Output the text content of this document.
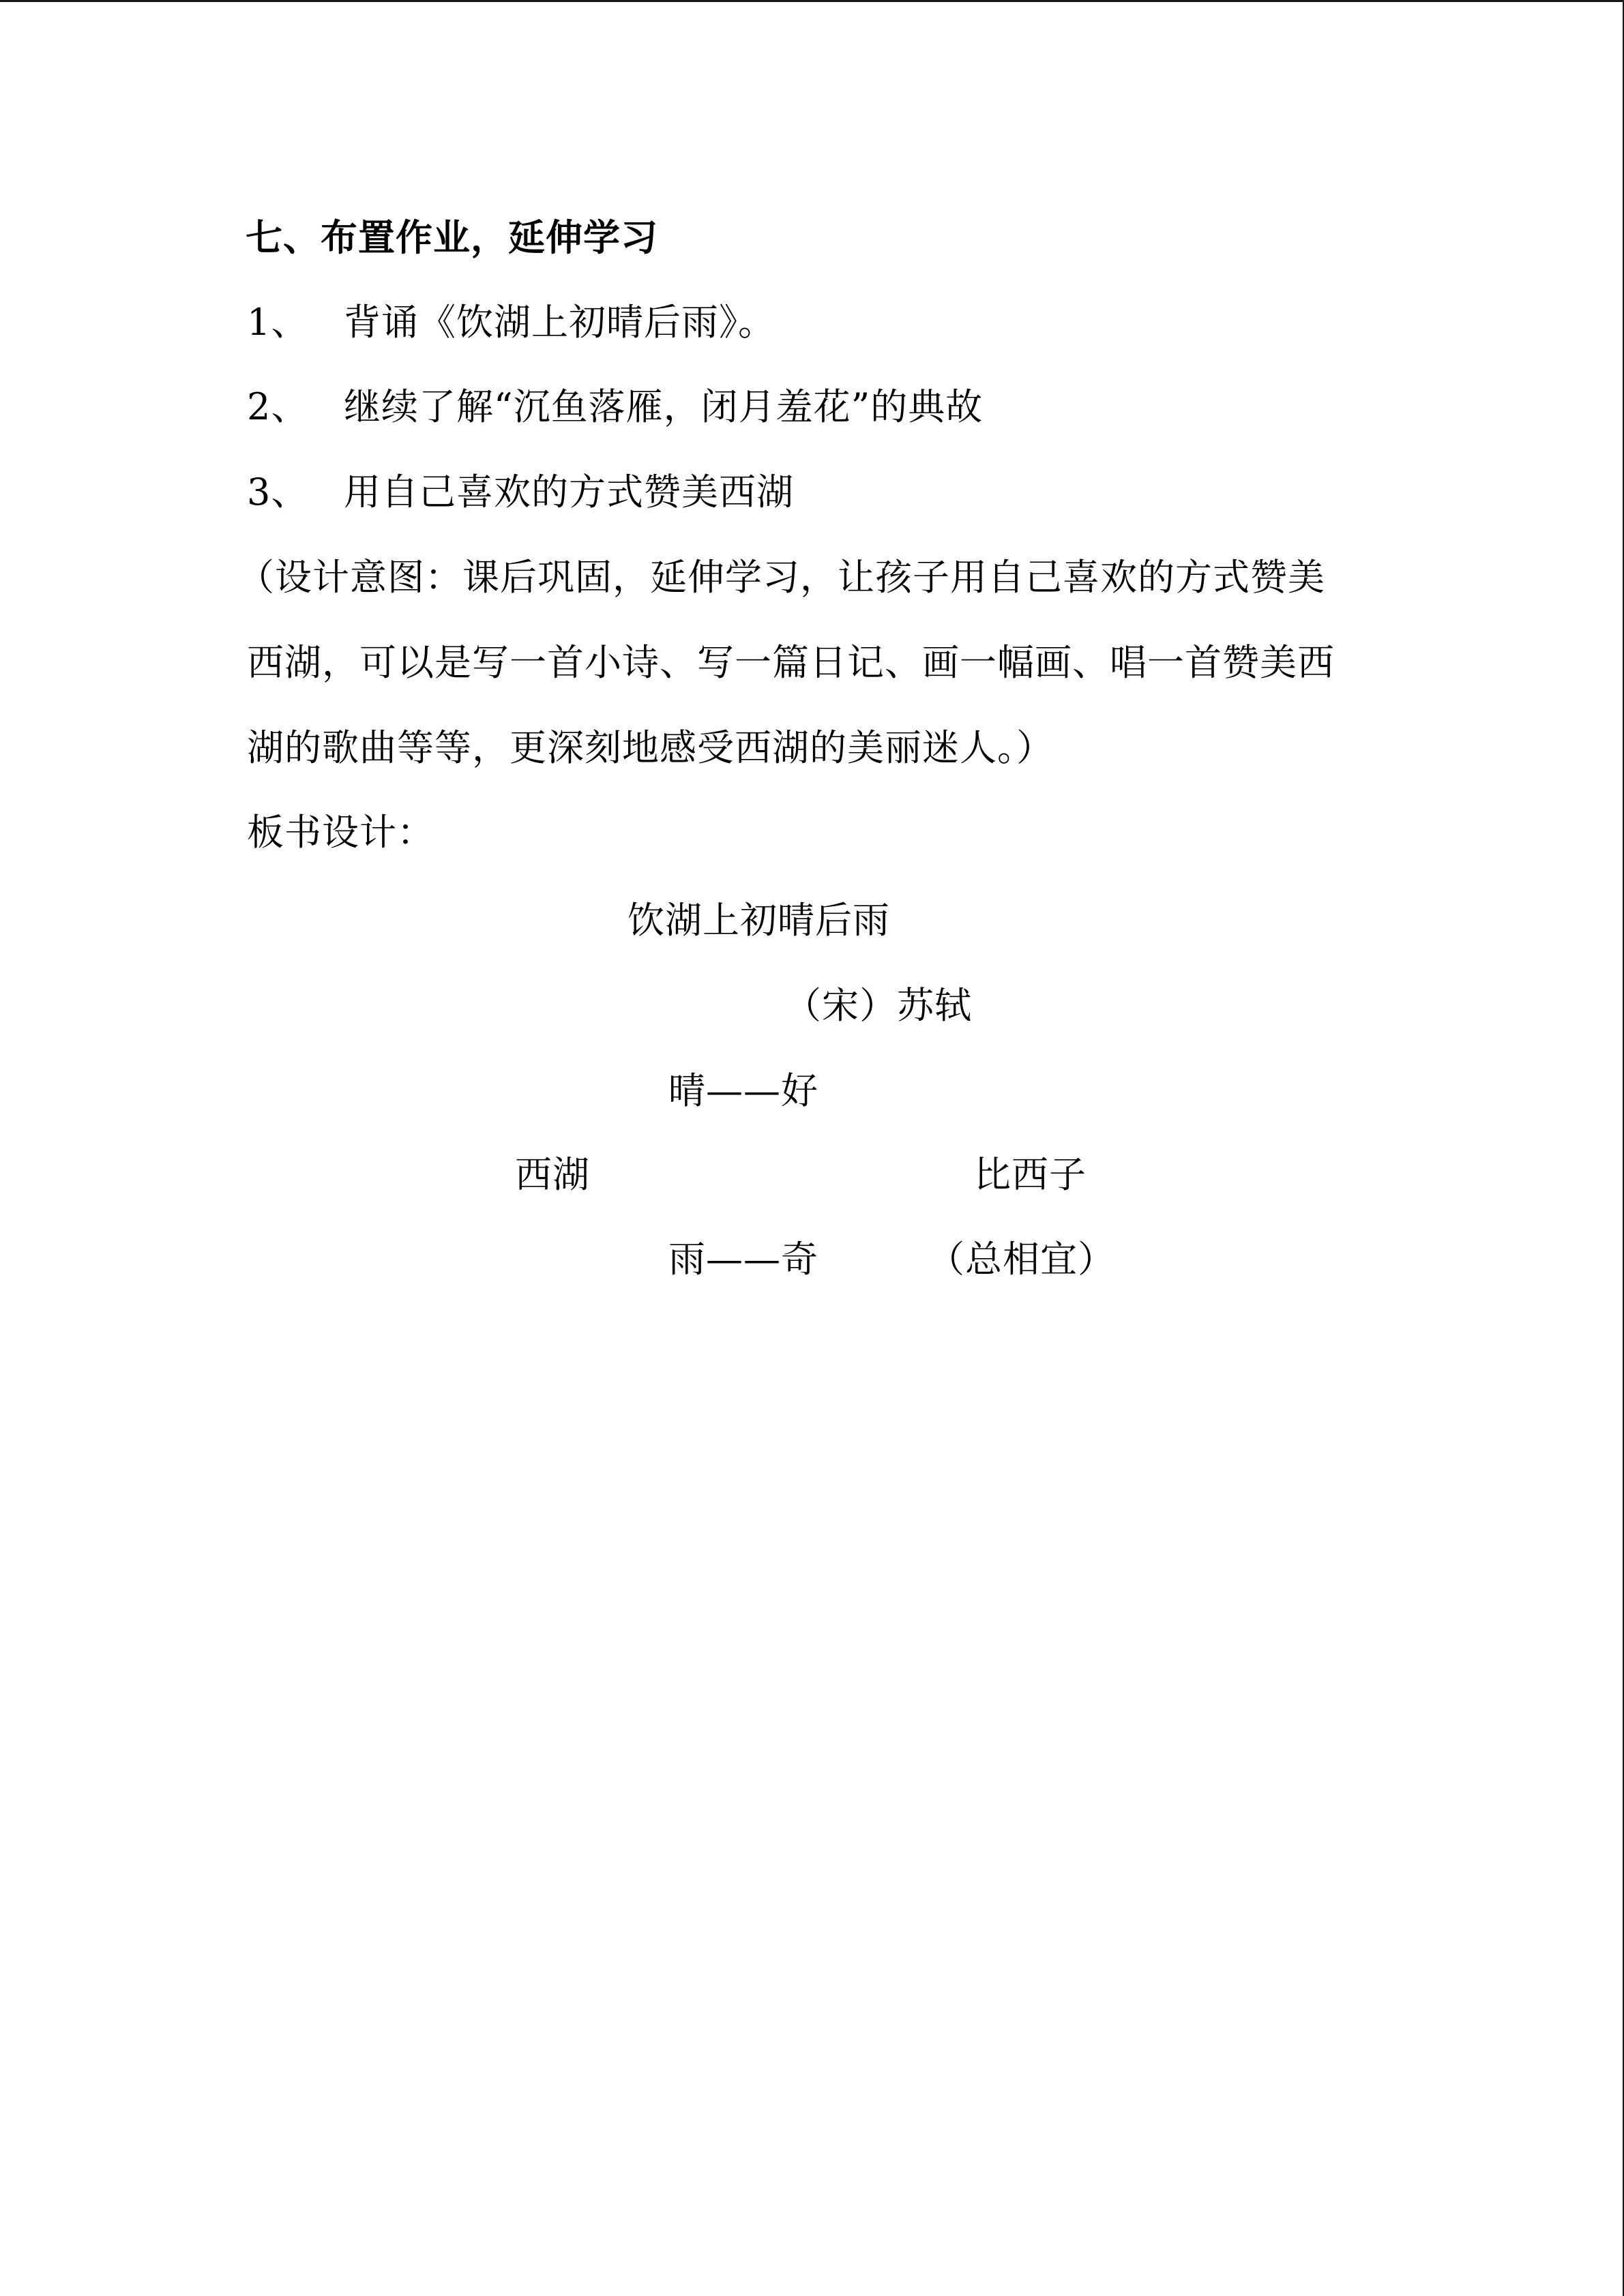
七、布置作业，延伸学习
1、 背诵《饮湖上初晴后雨》。
2、 继续了解“沉鱼落雁，闭月羞花”的典故
3、 用自己喜欢的方式赞美西湖
（设计意图：课后巩固，延伸学习，让孩子用自己喜欢的方式赞美
西湖，可以是写一首小诗、写一篇日记、画一幅画、唱一首赞美西
湖的歌曲等等，更深刻地感受西湖的美丽迷人。）
板书设计：
饮湖上初晴后雨
（宋）苏轼
晴——好
西湖	比西子
雨——奇	（总相宜）
